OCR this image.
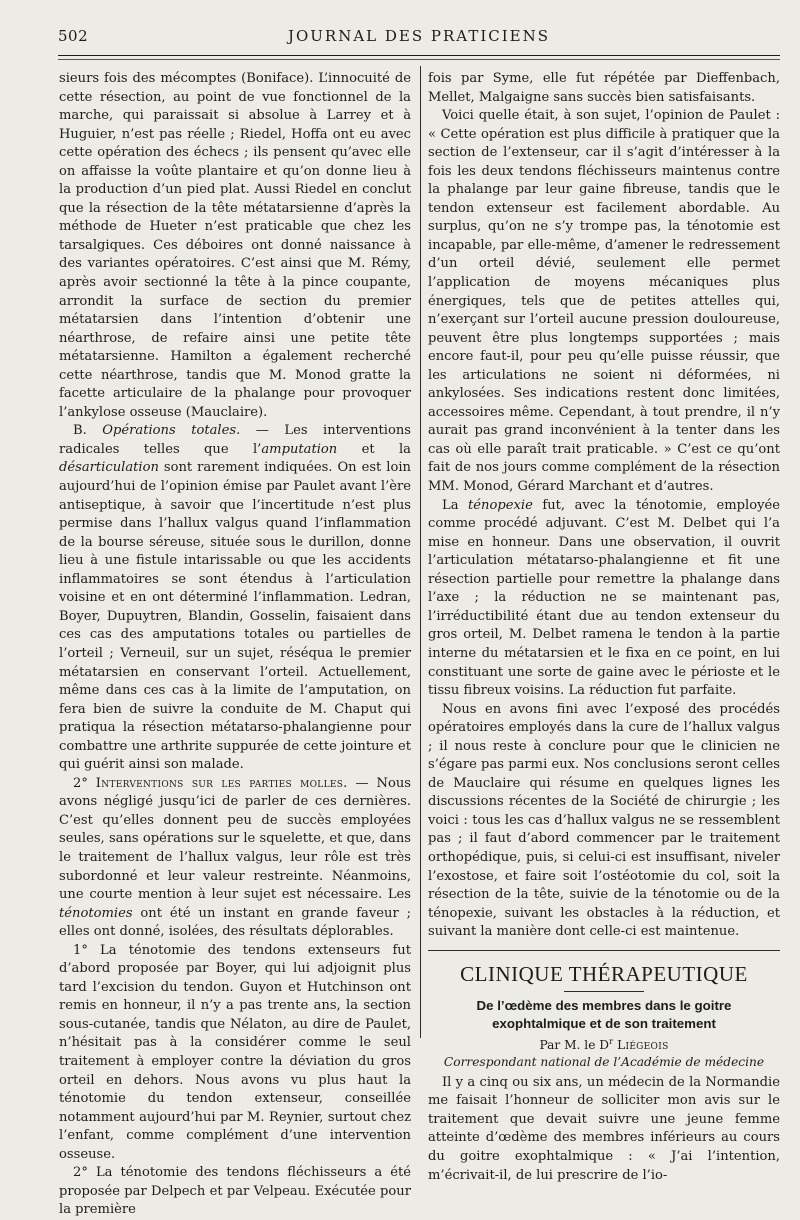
502	JOURNAL DES PRATICIENS

sieurs fois des mécomptes (Boniface). L’innocuité de cette résection, au point de vue fonctionnel de la marche, qui paraissait si absolue à Larrey et à Huguier, n’est pas réelle ; Riedel, Hoffa ont eu avec cette opération des échecs ; ils pensent qu’avec elle on affaisse la voûte plantaire et qu’on donne lieu à la production d’un pied plat. Aussi Riedel en conclut que la résection de la tête métatarsienne d’après la méthode de Hueter n’est praticable que chez les tarsalgiques. Ces déboires ont donné naissance à des variantes opératoires. C’est ainsi que M. Rémy, après avoir sectionné la tête à la pince coupante, arrondit la surface de section du premier métatarsien dans l’intention d’obtenir une néarthrose, de refaire ainsi une petite tête métatarsienne. Hamilton a également recherché cette néarthrose, tandis que M. Monod gratte la facette articulaire de la phalange pour provoquer l’ankylose osseuse (Mauclaire).

B. Opérations totales. — Les interventions radicales telles que l’amputation et la désarticulation sont rarement indiquées. On est loin aujourd’hui de l’opinion émise par Paulet avant l’ère antiseptique, à savoir que l’incertitude n’est plus permise dans l’hallux valgus quand l’inflammation de la bourse séreuse, située sous le durillon, donne lieu à une fistule intarissable ou que les accidents inflammatoires se sont étendus à l’articulation voisine et en ont déterminé l’inflammation. Ledran, Boyer, Dupuytren, Blandin, Gosselin, faisaient dans ces cas des amputations totales ou partielles de l’orteil ; Verneuil, sur un sujet, réséqua le premier métatarsien en conservant l’orteil. Actuellement, même dans ces cas à la limite de l’amputation, on fera bien de suivre la conduite de M. Chaput qui pratiqua la résection métatarso-phalangienne pour combattre une arthrite suppurée de cette jointure et qui guérit ainsi son malade.

2° Interventions sur les parties molles. — Nous avons négligé jusqu’ici de parler de ces dernières. C’est qu’elles donnent peu de succès employées seules, sans opérations sur le squelette, et que, dans le traitement de l’hallux valgus, leur rôle est très subordonné et leur valeur restreinte. Néanmoins, une courte mention à leur sujet est nécessaire. Les ténotomies ont été un instant en grande faveur ; elles ont donné, isolées, des résultats déplorables.

1° La ténotomie des tendons extenseurs fut d’abord proposée par Boyer, qui lui adjoignit plus tard l’excision du tendon. Guyon et Hutchinson ont remis en honneur, il n’y a pas trente ans, la section sous-cutanée, tandis que Nélaton, au dire de Paulet, n’hésitait pas à la considérer comme le seul traitement à employer contre la déviation du gros orteil en dehors. Nous avons vu plus haut la ténotomie du tendon extenseur, conseillée notamment aujourd’hui par M. Reynier, surtout chez l’enfant, comme complément d’une intervention osseuse.

2° La ténotomie des tendons fléchisseurs a été proposée par Delpech et par Velpeau. Exécutée pour la première

fois par Syme, elle fut répétée par Dieffenbach, Mellet, Malgaigne sans succès bien satisfaisants.

Voici quelle était, à son sujet, l’opinion de Paulet : « Cette opération est plus difficile à pratiquer que la section de l’extenseur, car il s’agit d’intéresser à la fois les deux tendons fléchisseurs maintenus contre la phalange par leur gaine fibreuse, tandis que le tendon extenseur est facilement abordable. Au surplus, qu’on ne s’y trompe pas, la ténotomie est incapable, par elle-même, d’amener le redressement d’un orteil dévié, seulement elle permet l’application de moyens mécaniques plus énergiques, tels que de petites attelles qui, n’exerçant sur l’orteil aucune pression douloureuse, peuvent être plus longtemps supportées ; mais encore faut-il, pour peu qu’elle puisse réussir, que les articulations ne soient ni déformées, ni ankylosées. Ses indications restent donc limitées, accessoires même. Cependant, à tout prendre, il n’y aurait pas grand inconvénient à la tenter dans les cas où elle paraît trait praticable. » C’est ce qu’ont fait de nos jours comme complément de la résection MM. Monod, Gérard Marchant et d’autres.

La ténopexie fut, avec la ténotomie, employée comme procédé adjuvant. C’est M. Delbet qui l’a mise en honneur. Dans une observation, il ouvrit l’articulation métatarso-phalangienne et fit une résection partielle pour remettre la phalange dans l’axe ; la réduction ne se maintenant pas, l’irréductibilité étant due au tendon extenseur du gros orteil, M. Delbet ramena le tendon à la partie interne du métatarsien et le fixa en ce point, en lui constituant une sorte de gaine avec le périoste et le tissu fibreux voisins. La réduction fut parfaite.

Nous en avons fini avec l’exposé des procédés opératoires employés dans la cure de l’hallux valgus ; il nous reste à conclure pour que le clinicien ne s’égare pas parmi eux. Nos conclusions seront celles de Mauclaire qui résume en quelques lignes les discussions récentes de la Société de chirurgie ; les voici : tous les cas d’hallux valgus ne se ressemblent pas ; il faut d’abord commencer par le traitement orthopédique, puis, si celui-ci est insuffisant, niveler l’exostose, et faire soit l’ostéotomie du col, soit la résection de la tête, suivie de la ténotomie ou de la ténopexie, suivant les obstacles à la réduction, et suivant la manière dont celle-ci est maintenue.

CLINIQUE THÉRAPEUTIQUE
De l’œdème des membres dans le goitre exophtalmique et de son traitement
Par M. le $D^r$ Liégeois
Correspondant national de l’Académie de médecine

Il y a cinq ou six ans, un médecin de la Normandie me faisait l’honneur de solliciter mon avis sur le traitement que devait suivre une jeune femme atteinte d’œdème des membres inférieurs au cours du goitre exophtalmique : « J’ai l’intention, m’écrivait-il, de lui prescrire de l’io-
